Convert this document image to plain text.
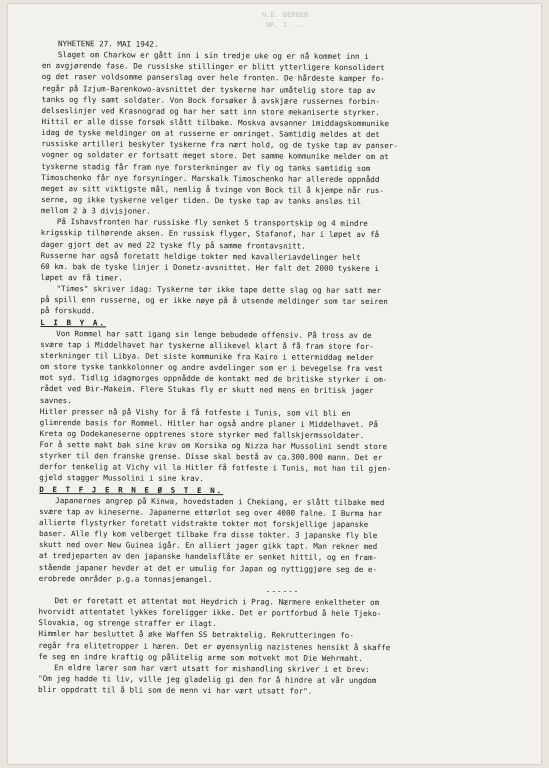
N.E. BERGEN
NR. 1 ...
NYHETENE 27. MAI 1942.
Slaget om Charkow er gått inn i sin tredje uke og er nå kommet inn i
en avgjørende fase. De russiske stillinger er blitt ytterligere konsolidert
og det raser voldsomme panserslag over hele fronten. De hårdeste kamper fo-
regår på Izjum-Barenkowo-avsnittet der tyskerne har umåtelig store tap av
tanks og fly samt soldater. Von Bock forsøker å avskjære russernes forbin-
delseslinjer ved Krasnograd og har her satt inn store mekaniserte styrker.
Hittil er alle disse forsøk slått tilbake. Moskva avsanner imiddagskommunike
idag de tyske meldinger om at russerne er omringet. Samtidig meldes at det
russiske artilleri beskyter tyskerne fra nært hold, og de tyske tap av panser-
vogner og soldater er fortsatt meget store. Det samme kommunike melder om at
tyskerne stadig får fram nye forsterkninger av fly og tanks samtidig som
Timoschenko får nye forsyninger. Marskalk Timoschenko har allerede oppnådd
meget av sitt viktigste mål, nemlig å tvinge von Bock til å kjempe når rus-
serne, og ikke tyskerne velger tiden. De tyske tap av tanks ansløs til
mellom 2 à 3 divisjoner.
På Ishavsfronten har russiske fly senket 5 transportskip og 4 mindre
krigsskip tilhørende aksen. En russisk flyger, Stafanof, har i løpet av få
dager gjort det av med 22 tyske fly på samme frontavsnitt.
Russerne har også foretatt heldige tokter med kavalleriavdelinger helt
60 km. bak de tyske linjer i Donetz-avsnittet. Her falt det 2000 tyskere i
løpet av få timer.
"Times" skriver idag: Tyskerne tør ikke tape dette slag og har satt mer
på spill enn russerne, og er ikke nøye på å utsende meldinger som tar seiren
på forskudd.
L I B Y A.
Von Rommel har satt igang sin lenge bebudede offensiv. På tross av de
svære tap i Middelhavet har tyskerne allikevel klart å få fram store for-
sterkninger til Libya. Det siste kommunike fra Kairo i ettermiddag melder
om store tyske tankkolonner og andre avdelinger som er i bevegelse fra vest
mot syd. Tidlig idagmorges oppnådde de kontakt med de britiske styrker i om-
rådet ved Bir-Makeim. Flere Stukas fly er skutt ned mens en britisk jager
savnes.
Hitler presser nå på Vishy for å få fotfeste i Tunis, som vil bli en
glimrende basis for Rommel. Hitler har også andre planer i Middelhavet. På
Kreta og Dodekaneserne opptrenes store styrker med fallskjermssoldater.
For å sette makt bak sine krav om Korsika og Nizza har Mussolini sendt store
styrker til den franske grense. Disse skal bestå av ca.300.000 mann. Det er
derfor tenkelig at Vichy vil la Hitler få fotfeste i Tunis, mot han til gjen-
gjeld stagger Mussolini i sine krav.
D E T F J E R N E Ø S T E N.
Japanernes angrep på Kinwa, hovedstaden i Chekiang, er slått tilbake med
svære tap av kineserne. Japanerne ettørlot seg over 4000 falne. I Burma har
allierte flystyrker foretatt vidstrakte tokter mot forskjellige japanske
baser. Alle fly kom velberget tilbake fra disse tokter. 3 japanske fly ble
skutt ned over New Guinea igår. En alliert jager gikk tapt. Man rekner med
at tredjeparten av den japanske handelsflåte er senket hittil, og en fram-
stående japaner hevder at det er umulig for Japan og nyttiggjøre seg de e-
erobrede områder p.g.a tonnasjemangel.
------
Det er foretatt et attentat mot Heydrich i Prag. Nærmere enkeltheter om
hvorvidt attentatet lykkes foreligger ikke. Det er portforbud å hele Tjeko-
Slovakia, og strenge straffer er ilagt.
Himmler har besluttet å øke Waffen SS betraktelig. Rekrutteringen fo-
regår fra elitetropper i hæren. Det er øyensynlig nazistenes hensikt å skaffe
fe seg en indre kraftig og pålitelig arme som motvekt mot Die Wehrmaht.
En eldre lærer som har vært utsatt for mishandling skriver i et brev:
"Om jeg hadde ti liv, ville jeg gladelig gi den for å hindre at vår ungdom
blir oppdratt til å bli som de menn vi har vært utsatt for".
